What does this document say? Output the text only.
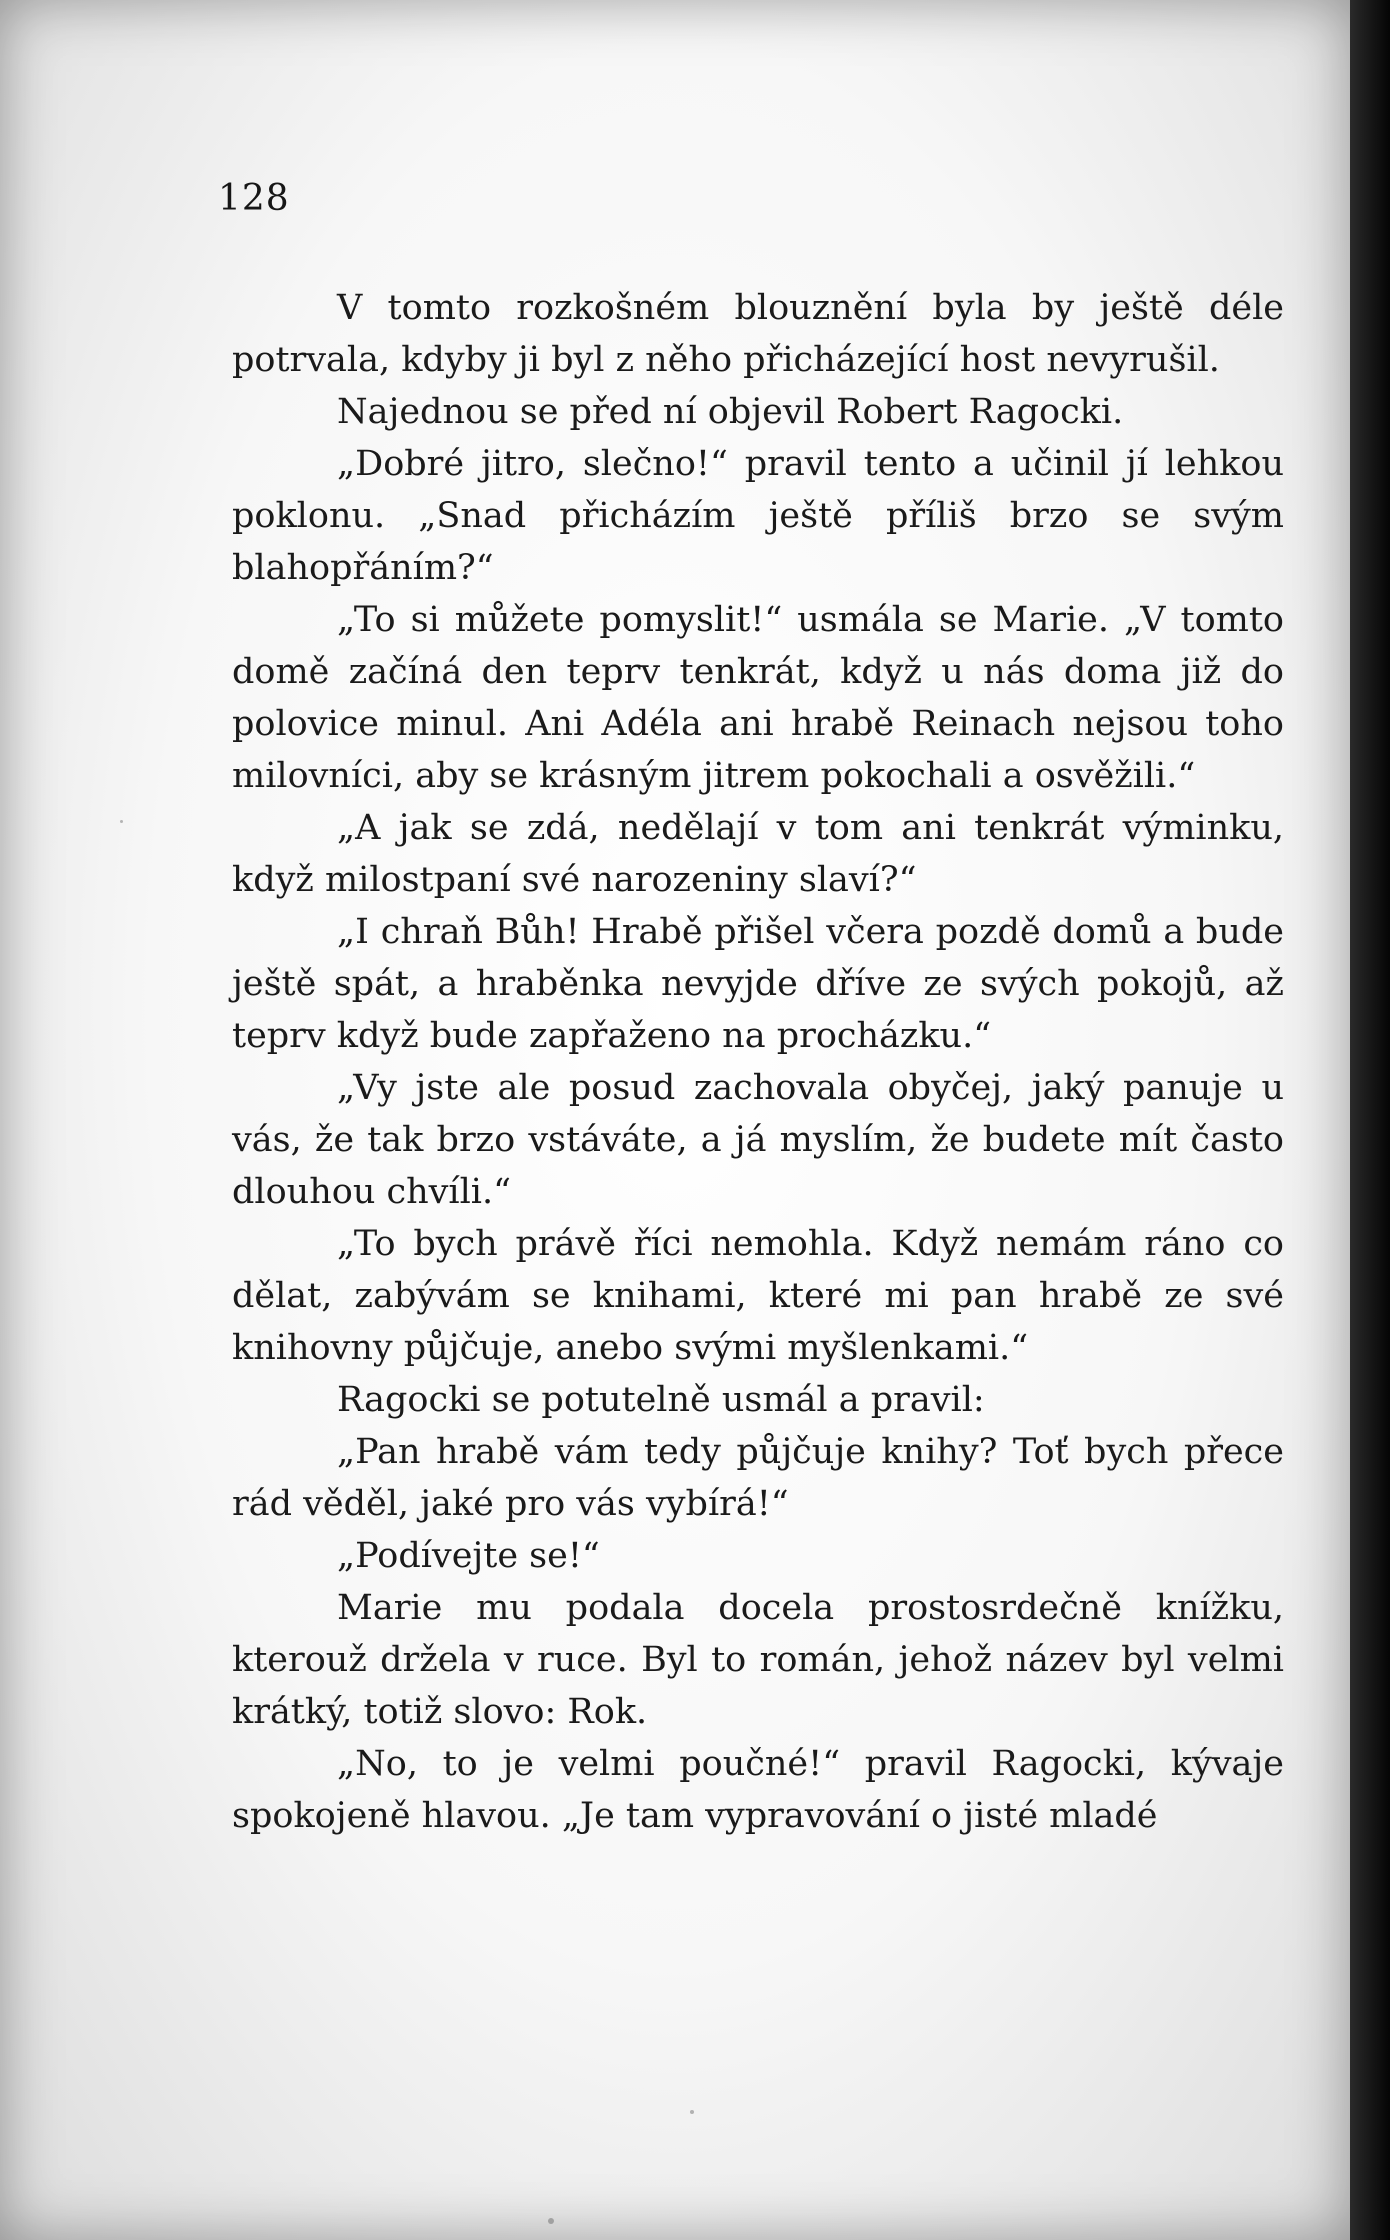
128

V tomto rozkošném blouznění byla by ještě déle potrvala, kdyby ji byl z něho přicházející host nevyrušil.

Najednou se před ní objevil Robert Ragocki.

„Dobré jitro, slečno!“ pravil tento a učinil jí lehkou poklonu. „Snad přicházím ještě příliš brzo se svým blahopřáním?“

„To si můžete pomyslit!“ usmála se Marie. „V tomto domě začíná den teprv tenkrát, když u nás doma již do polovice minul. Ani Adéla ani hrabě Reinach nejsou toho milovníci, aby se krásným jitrem pokochali a osvěžili.“

„A jak se zdá, nedělají v tom ani tenkrát výminku, když milostpaní své narozeniny slaví?“

„I chraň Bůh! Hrabě přišel včera pozdě domů a bude ještě spát, a hraběnka nevyjde dříve ze svých pokojů, až teprv když bude zapřaženo na procházku.“

„Vy jste ale posud zachovala obyčej, jaký panuje u vás, že tak brzo vstáváte, a já myslím, že budete mít často dlouhou chvíli.“

„To bych právě říci nemohla. Když nemám ráno co dělat, zabývám se knihami, které mi pan hrabě ze své knihovny půjčuje, anebo svými myšlenkami.“

Ragocki se potutelně usmál a pravil:

„Pan hrabě vám tedy půjčuje knihy? Toť bych přece rád věděl, jaké pro vás vybírá!“

„Podívejte se!“

Marie mu podala docela prostosrdečně knížku, kterouž držela v ruce. Byl to román, jehož název byl velmi krátký, totiž slovo: Rok.

„No, to je velmi poučné!“ pravil Ragocki, kývaje spokojeně hlavou. „Je tam vypravování o jisté mladé
